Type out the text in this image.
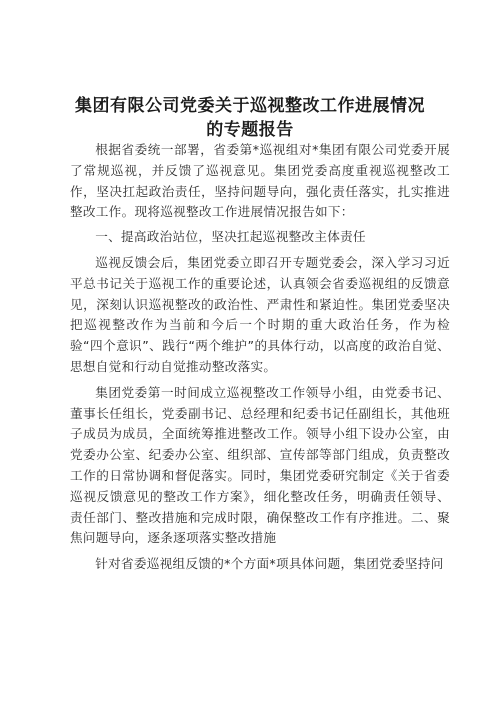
集团有限公司党委关于巡视整改工作进展情况
的专题报告

根据省委统一部署，省委第*巡视组对*集团有限公司党委开展了常规巡视，并反馈了巡视意见。集团党委高度重视巡视整改工作，坚决扛起政治责任，坚持问题导向，强化责任落实，扎实推进整改工作。现将巡视整改工作进展情况报告如下：

一、提高政治站位，坚决扛起巡视整改主体责任

巡视反馈会后，集团党委立即召开专题党委会，深入学习习近平总书记关于巡视工作的重要论述，认真领会省委巡视组的反馈意见，深刻认识巡视整改的政治性、严肃性和紧迫性。集团党委坚决把巡视整改作为当前和今后一个时期的重大政治任务，作为检验“四个意识”、践行“两个维护”的具体行动，以高度的政治自觉、思想自觉和行动自觉推动整改落实。

集团党委第一时间成立巡视整改工作领导小组，由党委书记、董事长任组长，党委副书记、总经理和纪委书记任副组长，其他班子成员为成员，全面统筹推进整改工作。领导小组下设办公室，由党委办公室、纪委办公室、组织部、宣传部等部门组成，负责整改工作的日常协调和督促落实。同时，集团党委研究制定《关于省委巡视反馈意见的整改工作方案》，细化整改任务，明确责任领导、责任部门、整改措施和完成时限，确保整改工作有序推进。二、聚焦问题导向，逐条逐项落实整改措施

针对省委巡视组反馈的*个方面*项具体问题，集团党委坚持问
